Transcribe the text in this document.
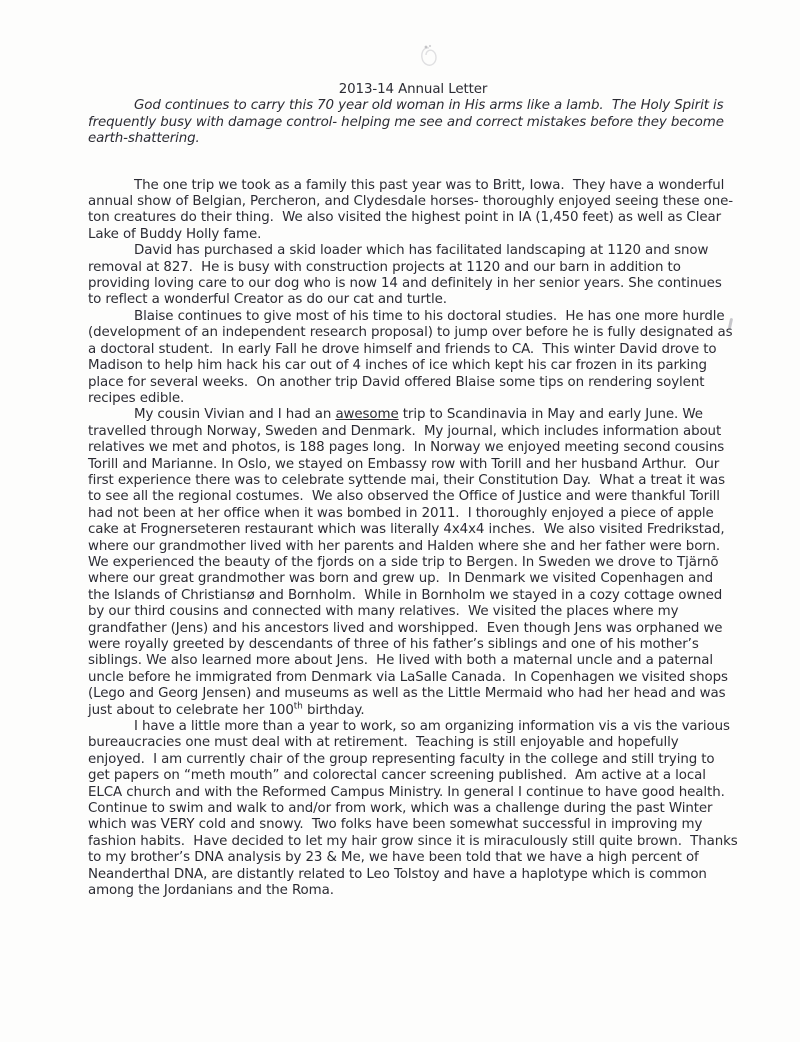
2013-14 Annual Letter

God continues to carry this 70 year old woman in His arms like a lamb.  The Holy Spirit is frequently busy with damage control- helping me see and correct mistakes before they become earth-shattering.

The one trip we took as a family this past year was to Britt, Iowa.  They have a wonderful annual show of Belgian, Percheron, and Clydesdale horses- thoroughly enjoyed seeing these one-ton creatures do their thing.  We also visited the highest point in IA (1,450 feet) as well as Clear Lake of Buddy Holly fame.

David has purchased a skid loader which has facilitated landscaping at 1120 and snow removal at 827.  He is busy with construction projects at 1120 and our barn in addition to providing loving care to our dog who is now 14 and definitely in her senior years. She continues to reflect a wonderful Creator as do our cat and turtle.

Blaise continues to give most of his time to his doctoral studies.  He has one more hurdle (development of an independent research proposal) to jump over before he is fully designated as a doctoral student.  In early Fall he drove himself and friends to CA.  This winter David drove to Madison to help him hack his car out of 4 inches of ice which kept his car frozen in its parking place for several weeks.  On another trip David offered Blaise some tips on rendering soylent recipes edible.

My cousin Vivian and I had an awesome trip to Scandinavia in May and early June. We travelled through Norway, Sweden and Denmark.  My journal, which includes information about relatives we met and photos, is 188 pages long.  In Norway we enjoyed meeting second cousins Torill and Marianne. In Oslo, we stayed on Embassy row with Torill and her husband Arthur.  Our first experience there was to celebrate syttende mai, their Constitution Day.  What a treat it was to see all the regional costumes.  We also observed the Office of Justice and were thankful Torill had not been at her office when it was bombed in 2011.  I thoroughly enjoyed a piece of apple cake at Frognerseteren restaurant which was literally 4x4x4 inches.  We also visited Fredrikstad, where our grandmother lived with her parents and Halden where she and her father were born.  We experienced the beauty of the fjords on a side trip to Bergen. In Sweden we drove to Tjärnõ where our great grandmother was born and grew up.  In Denmark we visited Copenhagen and the Islands of Christiansø and Bornholm.  While in Bornholm we stayed in a cozy cottage owned by our third cousins and connected with many relatives.  We visited the places where my grandfather (Jens) and his ancestors lived and worshipped.  Even though Jens was orphaned we were royally greeted by descendants of three of his father’s siblings and one of his mother’s siblings. We also learned more about Jens.  He lived with both a maternal uncle and a paternal uncle before he immigrated from Denmark via LaSalle Canada.  In Copenhagen we visited shops (Lego and Georg Jensen) and museums as well as the Little Mermaid who had her head and was just about to celebrate her 100th birthday.

I have a little more than a year to work, so am organizing information vis a vis the various bureaucracies one must deal with at retirement.  Teaching is still enjoyable and hopefully enjoyed.  I am currently chair of the group representing faculty in the college and still trying to get papers on “meth mouth” and colorectal cancer screening published.  Am active at a local ELCA church and with the Reformed Campus Ministry. In general I continue to have good health.  Continue to swim and walk to and/or from work, which was a challenge during the past Winter which was VERY cold and snowy.  Two folks have been somewhat successful in improving my fashion habits.  Have decided to let my hair grow since it is miraculously still quite brown.  Thanks to my brother’s DNA analysis by 23 & Me, we have been told that we have a high percent of Neanderthal DNA, are distantly related to Leo Tolstoy and have a haplotype which is common among the Jordanians and the Roma.
